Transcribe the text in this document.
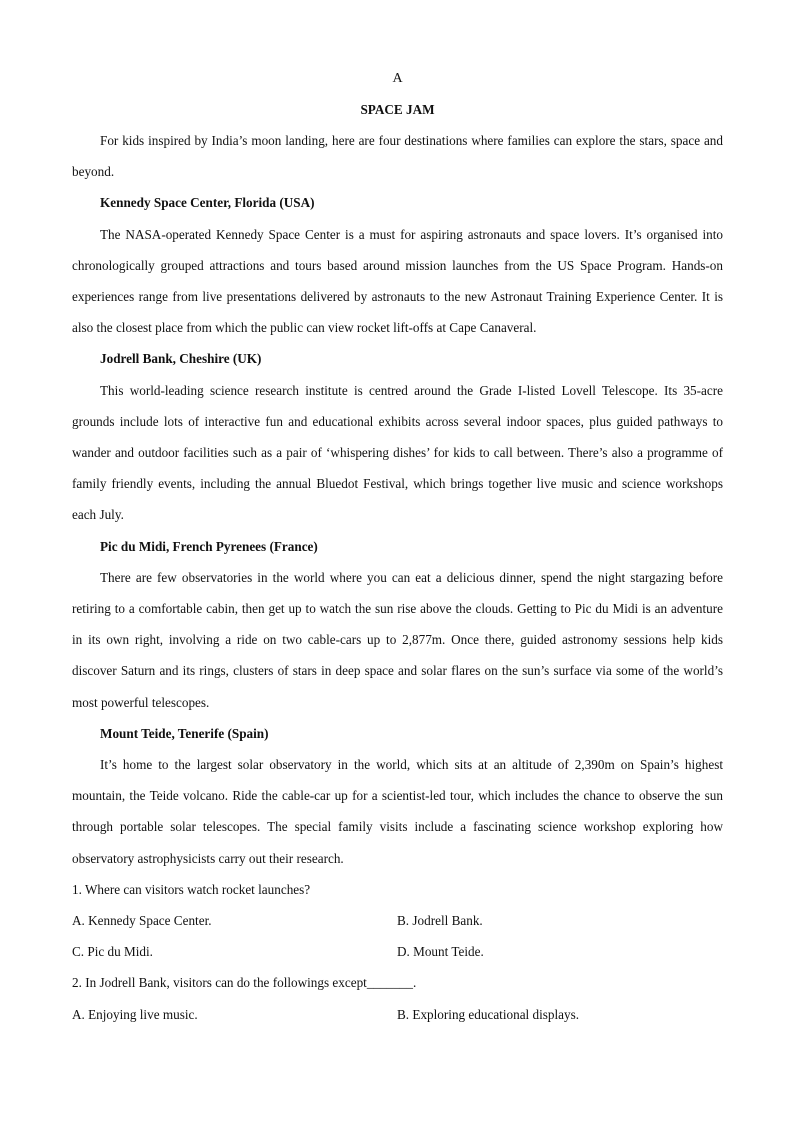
A

SPACE JAM

For kids inspired by India’s moon landing, here are four destinations where families can explore the stars, space and beyond.

Kennedy Space Center, Florida (USA)

The NASA-operated Kennedy Space Center is a must for aspiring astronauts and space lovers. It’s organised into chronologically grouped attractions and tours based around mission launches from the US Space Program. Hands-on experiences range from live presentations delivered by astronauts to the new Astronaut Training Experience Center. It is also the closest place from which the public can view rocket lift-offs at Cape Canaveral.

Jodrell Bank, Cheshire (UK)

This world-leading science research institute is centred around the Grade I-listed Lovell Telescope. Its 35-acre grounds include lots of interactive fun and educational exhibits across several indoor spaces, plus guided pathways to wander and outdoor facilities such as a pair of ‘whispering dishes’ for kids to call between. There’s also a programme of family friendly events, including the annual Bluedot Festival, which brings together live music and science workshops each July.

Pic du Midi, French Pyrenees (France)

There are few observatories in the world where you can eat a delicious dinner, spend the night stargazing before retiring to a comfortable cabin, then get up to watch the sun rise above the clouds. Getting to Pic du Midi is an adventure in its own right, involving a ride on two cable-cars up to 2,877m. Once there, guided astronomy sessions help kids discover Saturn and its rings, clusters of stars in deep space and solar flares on the sun’s surface via some of the world’s most powerful telescopes.

Mount Teide, Tenerife (Spain)

It’s home to the largest solar observatory in the world, which sits at an altitude of 2,390m on Spain’s highest mountain, the Teide volcano. Ride the cable-car up for a scientist-led tour, which includes the chance to observe the sun through portable solar telescopes. The special family visits include a fascinating science workshop exploring how observatory astrophysicists carry out their research.

1. Where can visitors watch rocket launches?

A. Kennedy Space Center.	B. Jodrell Bank.
C. Pic du Midi.	D. Mount Teide.

2. In Jodrell Bank, visitors can do the followings except_______.

A. Enjoying live music.	B. Exploring educational displays.
